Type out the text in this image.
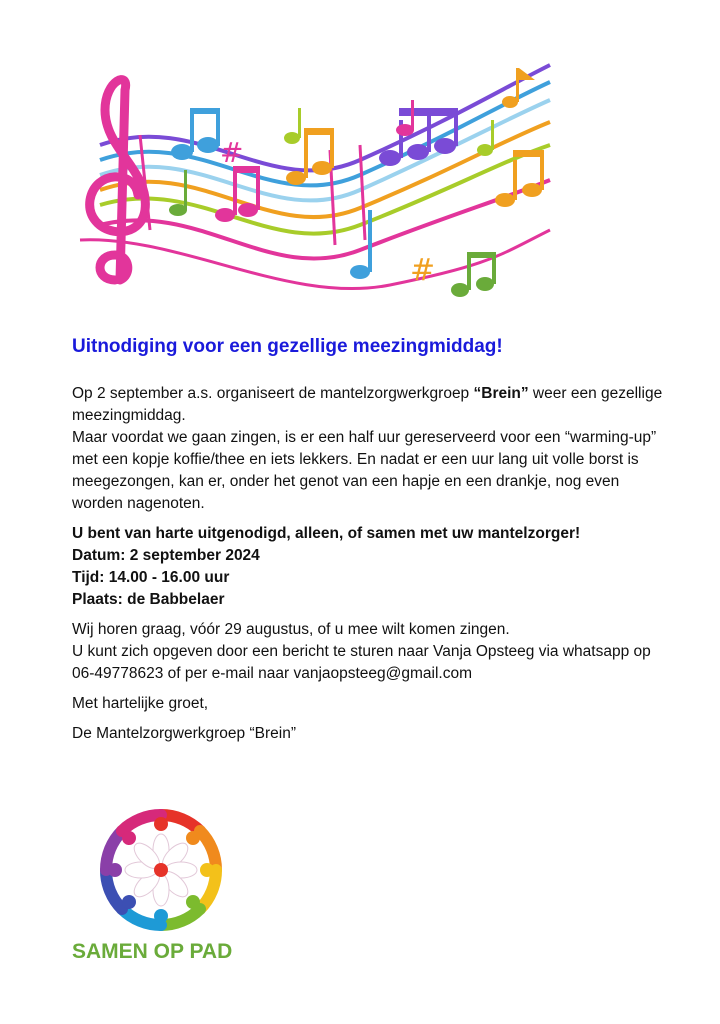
#
#
Uitnodiging voor een gezellige meezingmiddag!

Op 2 september a.s. organiseert de mantelzorgwerkgroep “Brein” weer een gezellige meezingmiddag.

Maar voordat we gaan zingen, is er een half uur gereserveerd voor een “warming-up” met een kopje koffie/thee en iets lekkers. En nadat er een uur lang uit volle borst is meegezongen, kan er, onder het genot van een hapje en een drankje, nog even worden nagenoten.

U bent van harte uitgenodigd, alleen, of samen met uw mantelzorger!

Datum: 2 september 2024

Tijd: 14.00 - 16.00 uur

Plaats: de Babbelaer

Wij horen graag, vóór 29 augustus, of u mee wilt komen zingen.

U kunt zich opgeven door een bericht te sturen naar Vanja Opsteeg via whatsapp op 06-49778623 of per e-mail naar vanjaopsteeg@gmail.com

Met hartelijke groet,

De Mantelzorgwerkgroep “Brein”

SAMEN OP PAD
